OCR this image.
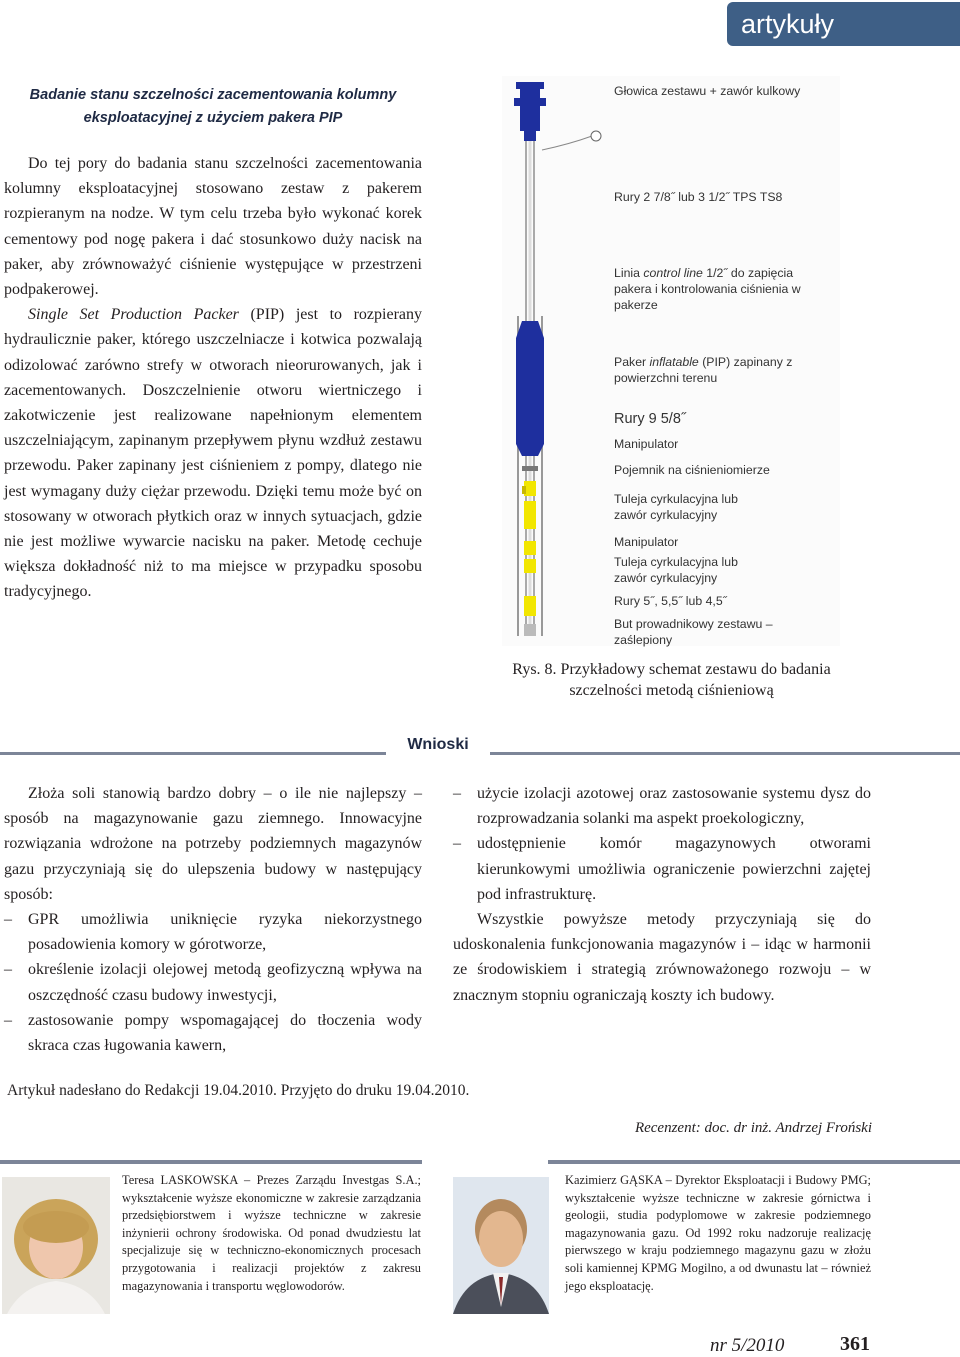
artykuły
Badanie stanu szczelności zacementowania kolumny eksploatacyjnej z użyciem pakera PIP

Do tej pory do badania stanu szczelności zacementowania kolumny eksploatacyjnej stosowano zestaw z pakerem rozpieranym na nodze. W tym celu trzeba było wykonać korek cementowy pod nogę pakera i dać stosunkowo duży nacisk na paker, aby zrównoważyć ciśnienie występujące w przestrzeni podpakerowej.

Single Set Production Packer (PIP) jest to rozpierany hydraulicznie paker, którego uszczelniacze i kotwica pozwalają odizolować zarówno strefy w otworach nieorurowanych, jak i zacementowanych. Doszczelnienie otworu wiertniczego i zakotwiczenie jest realizowane napełnionym elementem uszczelniającym, zapinanym przepływem płynu wzdłuż zestawu przewodu. Paker zapinany jest ciśnieniem z pompy, dlatego nie jest wymagany duży ciężar przewodu. Dzięki temu może być on stosowany w otworach płytkich oraz w innych sytuacjach, gdzie nie jest możliwe wywarcie nacisku na paker. Metodę cechuje większa dokładność niż to ma miejsce w przypadku sposobu tradycyjnego.

Głowica zestawu + zawór kulkowy
Rury 2 7/8˝ lub 3 1/2˝ TPS TS8
Linia control line 1/2˝ do zapięcia pakera i kontrolowania ciśnienia w pakerze
Paker inflatable (PIP) zapinany z powierzchni terenu
Rury 9 5/8˝
Manipulator
Pojemnik na ciśnieniomierze
Tuleja cyrkulacyjna lub zawór cyrkulacyjny
Manipulator
Tuleja cyrkulacyjna lub zawór cyrkulacyjny
Rury 5˝, 5,5˝ lub 4,5˝
But prowadnikowy zestawu – zaślepiony
Rys. 8. Przykładowy schemat zestawu do badania szczelności metodą ciśnieniową
Wnioski

Złoża soli stanowią bardzo dobry – o ile nie najlepszy – sposób na magazynowanie gazu ziemnego. Innowacyjne rozwiązania wdrożone na potrzeby podziemnych magazynów gazu przyczyniają się do ulepszenia budowy w następujący sposób:

– GPR umożliwia uniknięcie ryzyka niekorzystnego posadowienia komory w górotworze,

– określenie izolacji olejowej metodą geofizyczną wpływa na oszczędność czasu budowy inwestycji,

– zastosowanie pompy wspomagającej do tłoczenia wody skraca czas ługowania kawern,

– użycie izolacji azotowej oraz zastosowanie systemu dysz do rozprowadzania solanki ma aspekt proekologiczny,

– udostępnienie komór magazynowych otworami kierunkowymi umożliwia ograniczenie powierzchni zajętej pod infrastrukturę.

Wszystkie powyższe metody przyczyniają się do udoskonalenia funkcjonowania magazynów i – idąc w harmonii ze środowiskiem i strategią zrównoważonego rozwoju – w znacznym stopniu ograniczają koszty ich budowy.

Artykuł nadesłano do Redakcji 19.04.2010. Przyjęto do druku 19.04.2010.
Recenzent: doc. dr inż. Andrzej Froński
Teresa LASKOWSKA – Prezes Zarządu Investgas S.A.; wykształcenie wyższe ekonomiczne w zakresie zarządzania przedsiębiorstwem i wyższe techniczne w zakresie inżynierii ochrony środowiska. Od ponad dwudziestu lat specjalizuje się w techniczno-ekonomicznych procesach przygotowania i realizacji projektów z zakresu magazynowania i transportu węglowodorów.
Kazimierz GĄSKA – Dyrektor Eksploatacji i Budowy PMG; wykształcenie wyższe techniczne w zakresie górnictwa i geologii, studia podyplomowe w zakresie podziemnego magazynowania gazu. Od 1992 roku nadzoruje realizację pierwszego w kraju podziemnego magazynu gazu w złożu soli kamiennej KPMG Mogilno, a od dwunastu lat – również jego eksploatację.
nr 5/2010	361
